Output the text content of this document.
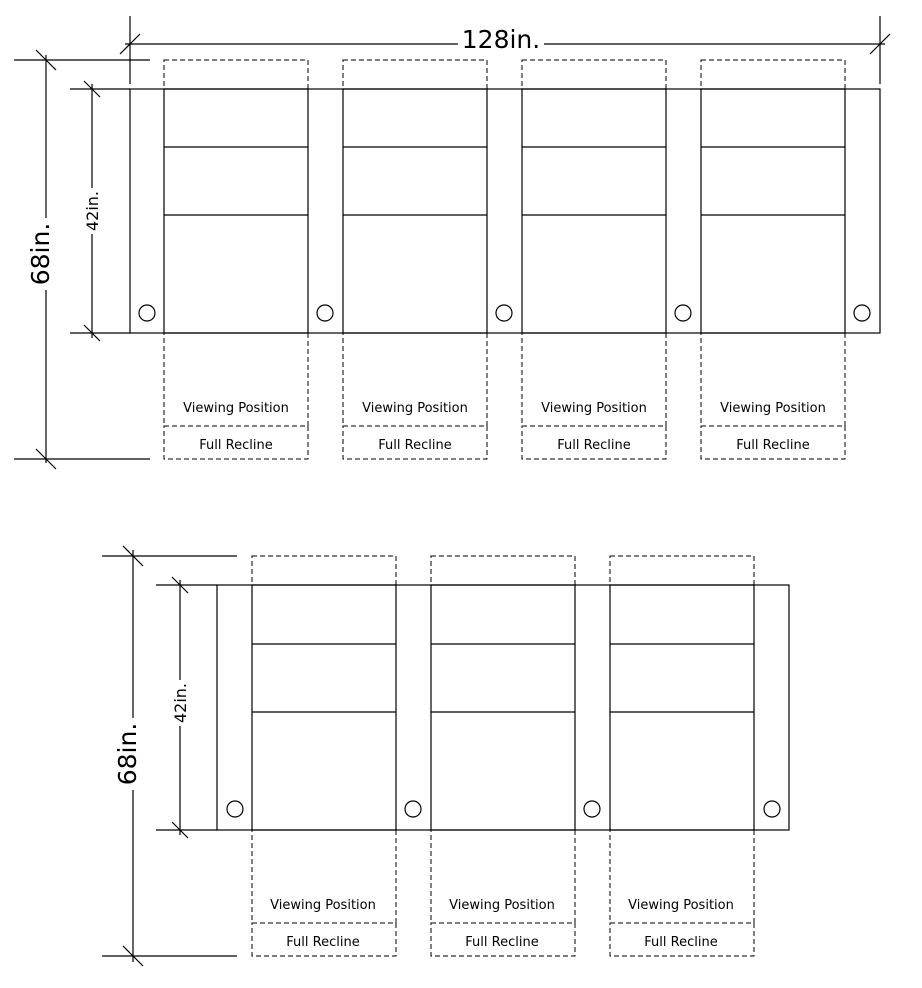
Viewing Position
Full Recline
Viewing Position
Full Recline
Viewing Position
Full Recline
Viewing Position
Full Recline
128in.
68in.
42in.
Viewing Position
Full Recline
Viewing Position
Full Recline
Viewing Position
Full Recline
68in.
42in.
